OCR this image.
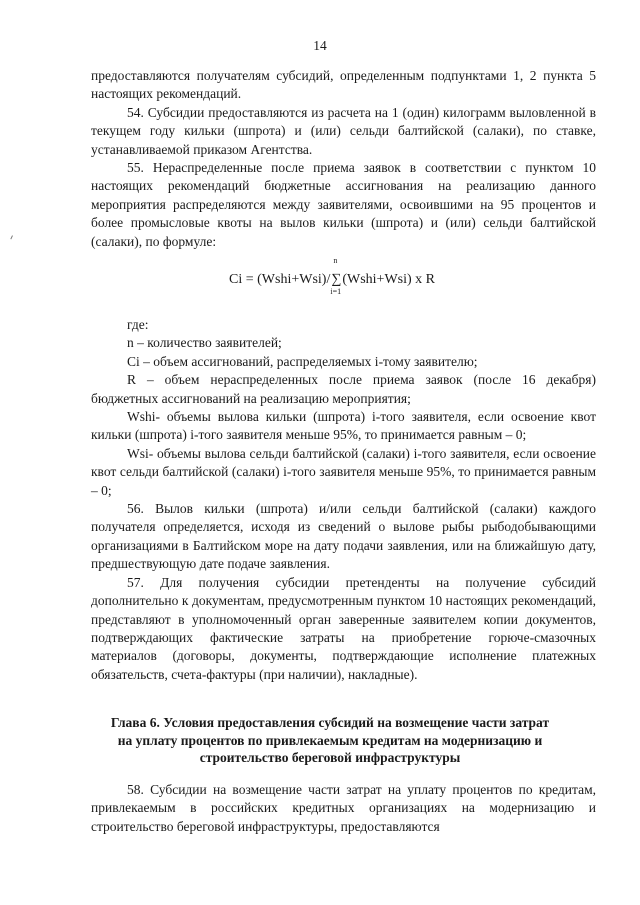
14

предоставляются получателям субсидий, определенным подпунктами 1, 2 пункта 5 настоящих рекомендаций.

54. Субсидии предоставляются из расчета на 1 (один) килограмм выловленной в текущем году кильки (шпрота) и (или) сельди балтийской (салаки), по ставке, устанавливаемой приказом Агентства.

55. Нераспределенные после приема заявок в соответствии с пунктом 10 настоящих рекомендаций бюджетные ассигнования на реализацию данного мероприятия распределяются между заявителями, освоившими на 95 процентов и более промысловые квоты на вылов кильки (шпрота) и (или) сельди балтийской (салаки), по формуле:

Ci = (Wshi+Wsi)/
n
∑
i=1
(Wshi+Wsi) x R

где:

n – количество заявителей;

Ci – объем ассигнований, распределяемых i-тому заявителю;

R – объем нераспределенных после приема заявок (после 16 декабря) бюджетных ассигнований на реализацию мероприятия;

Wshi- объемы вылова кильки (шпрота) i-того заявителя, если освоение квот кильки (шпрота) i-того заявителя меньше 95%, то принимается равным – 0;

Wsi- объемы вылова сельди балтийской (салаки) i-того заявителя, если освоение квот сельди балтийской (салаки) i-того заявителя меньше 95%, то принимается равным – 0;

56. Вылов кильки (шпрота) и/или сельди балтийской (салаки) каждого получателя определяется, исходя из сведений о вылове рыбы рыбодобывающими организациями в Балтийском море на дату подачи заявления, или на ближайшую дату, предшествующую дате подаче заявления.

57. Для получения субсидии претенденты на получение субсидий дополнительно к документам, предусмотренным пунктом 10 настоящих рекомендаций, представляют в уполномоченный орган заверенные заявителем копии документов, подтверждающих фактические затраты на приобретение горюче-смазочных материалов (договоры, документы, подтверждающие исполнение платежных обязательств, счета-фактуры (при наличии), накладные).

Глава 6. Условия предоставления субсидий на возмещение части затрат
на уплату процентов по привлекаемым кредитам на модернизацию и
строительство береговой инфраструктуры

58. Субсидии на возмещение части затрат на уплату процентов по кредитам, привлекаемым в российских кредитных организациях на модернизацию и строительство береговой инфраструктуры, предоставляются
